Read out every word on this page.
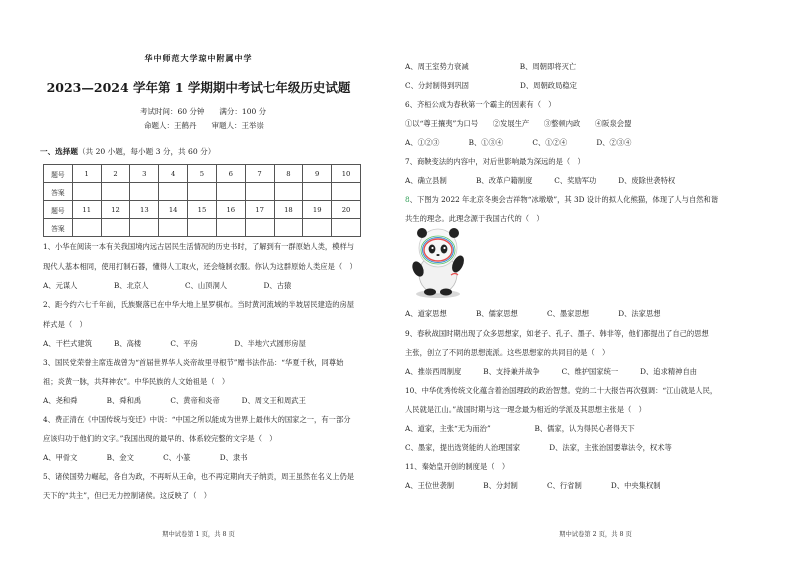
华中师范大学琼中附属中学
2023—2024 学年第 1 学期期中考试七年级历史试题
考试时间：60 分钟　　满分：100 分
命题人：王鹤丹　　审题人：王举崇
一、选择题（共 20 小题，每小题 3 分，共 60 分）
题号	1	2	3	4	5	6	7	8	9	10
答案										
题号	11	12	13	14	15	16	17	18	19	20
答案										
1、小华在阅读一本有关我国境内远古居民生活情况的历史书时，了解到有一群原始人类，模样与
现代人基本相同，使用打制石器，懂得人工取火，还会缝制衣服。你认为这群原始人类应是（　）
A、元谋人　　　　　B、北京人　　　　　C、山顶洞人　　　　　D、古猿
2、距今约六七千年前，氏族聚落已在中华大地上星罗棋布。当时黄河流域的半坡居民建造的房屋
样式是（　）
A、干栏式建筑　　　B、高楼　　　　C、平房　　　　　D、半地穴式圆形房屋
3、国民党荣誉主席连战曾为“首届世界华人炎帝故里寻根节”赠书法作品：“华夏千秋，同尊始
祖；炎黄一脉，共拜神农”。中华民族的人文始祖是（　）
A、尧和舜　　　　B、舜和禹　　　　C、黄帝和炎帝　　　D、周文王和周武王
4、费正清在《中国传统与变迁》中说：“中国之所以能成为世界上最伟大的国家之一，有一部分
应该归功于他们的文字。”我国出现的最早的、体系较完整的文字是（　）
A、甲骨文　　　　B、金文　　　　C、小篆　　　　D、隶书
5、诸侯国势力崛起，各自为政，不再听从王命，也不再定期向天子纳贡，周王虽然在名义上仍是
天下的“共主”，但已无力控制诸侯。这反映了（　）
期中试卷第 1 页，共 8 页
A、周王室势力衰减　　　　　　　B、周朝即将灭亡
C、分封制得到巩固　　　　　　　D、周朝政局稳定
6、齐桓公成为春秋第一个霸主的因素有（　）
①以“尊王攘夷”为口号　　②发展生产　　③整顿内政　　④阪泉会盟
A、①②③　　　　B、①③④　　　　C、①②④　　　　D、②③④
7、商鞅变法的内容中，对后世影响最为深远的是（　）
A、确立县制　　　　B、改革户籍制度　　　C、奖励军功　　　D、废除世袭特权
8、下图为 2022 年北京冬奥会吉祥物“冰墩墩”，其 3D 设计的拟人化熊猫，体现了人与自然和谐
共生的理念。此理念源于我国古代的（　）
A、道家思想　　　　B、儒家思想　　　　C、墨家思想　　　　D、法家思想
9、春秋战国时期出现了众多思想家，如老子、孔子、墨子、韩非等，他们都提出了自己的思想
主张，创立了不同的思想流派。这些思想家的共同目的是（　）
A、推崇西周制度　　　B、支持兼并战争　　　C、维护国家统一　　　D、追求精神自由
10、中华优秀传统文化蕴含着治国理政的政治智慧。党的二十大报告再次强调：“江山就是人民，
人民就是江山。”战国时期与这一理念最为相近的学派及其思想主张是（　）
A、道家，主张“无为而治”　　　　　　B、儒家，认为得民心者得天下
C、墨家，提出选贤能的人治理国家　　　　D、法家，主张治国要靠法令，权术等
11、秦始皇开创的制度是（　）
A、王位世袭制　　　　B、分封制　　　　C、行省制　　　　D、中央集权制
期中试卷第 2 页，共 8 页
